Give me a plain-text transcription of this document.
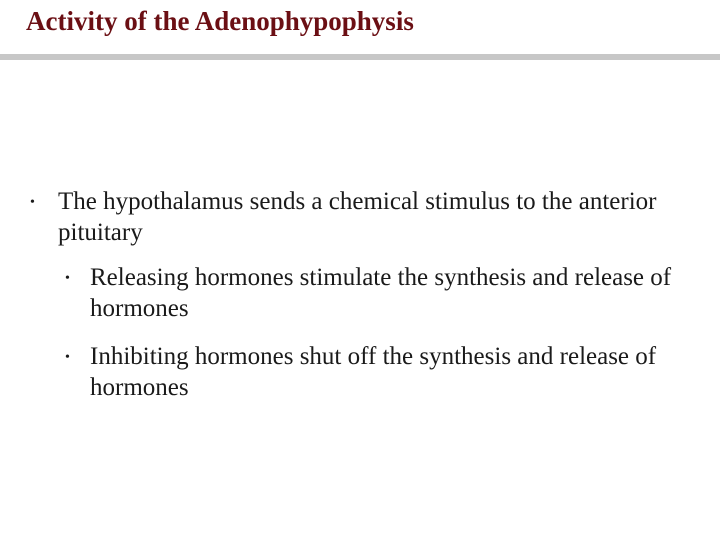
Activity of the Adenophypophysis
• The hypothalamus sends a chemical stimulus to the anterior pituitary
• Releasing hormones stimulate the synthesis and release of hormones
• Inhibiting hormones shut off the synthesis and release of hormones
